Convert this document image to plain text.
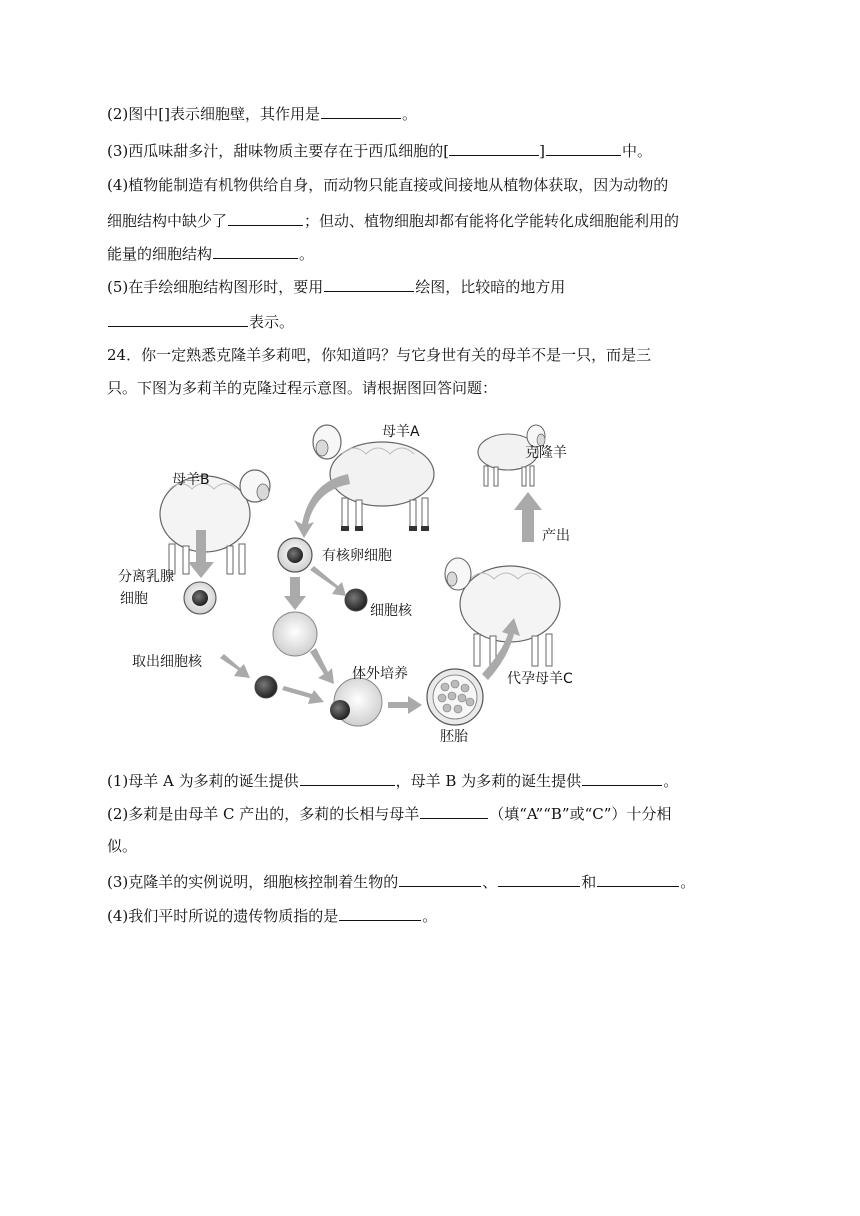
(2)图中[]表示细胞壁，其作用是	。
(3)西瓜味甜多汁，甜味物质主要存在于西瓜细胞的[	]	中。
(4)植物能制造有机物供给自身，而动物只能直接或间接地从植物体获取，因为动物的
细胞结构中缺少了	；但动、植物细胞却都有能将化学能转化成细胞能利用的
能量的细胞结构	。
(5)在手绘细胞结构图形时，要用	绘图，比较暗的地方用
表示。
24．你一定熟悉克隆羊多莉吧，你知道吗？与它身世有关的母羊不是一只，而是三
只。下图为多莉羊的克隆过程示意图。请根据图回答问题：
母羊A
母羊B
克隆羊
代孕母羊C
产出
有核卵细胞
细胞核
分离乳腺
细胞
取出细胞核
体外培养
胚胎
(1)母羊 A 为多莉的诞生提供	，母羊 B 为多莉的诞生提供	。
(2)多莉是由母羊 C 产出的，多莉的长相与母羊	（填“A”“B”或“C”）十分相
似。
(3)克隆羊的实例说明，细胞核控制着生物的	、	和	。
(4)我们平时所说的遗传物质指的是	。
